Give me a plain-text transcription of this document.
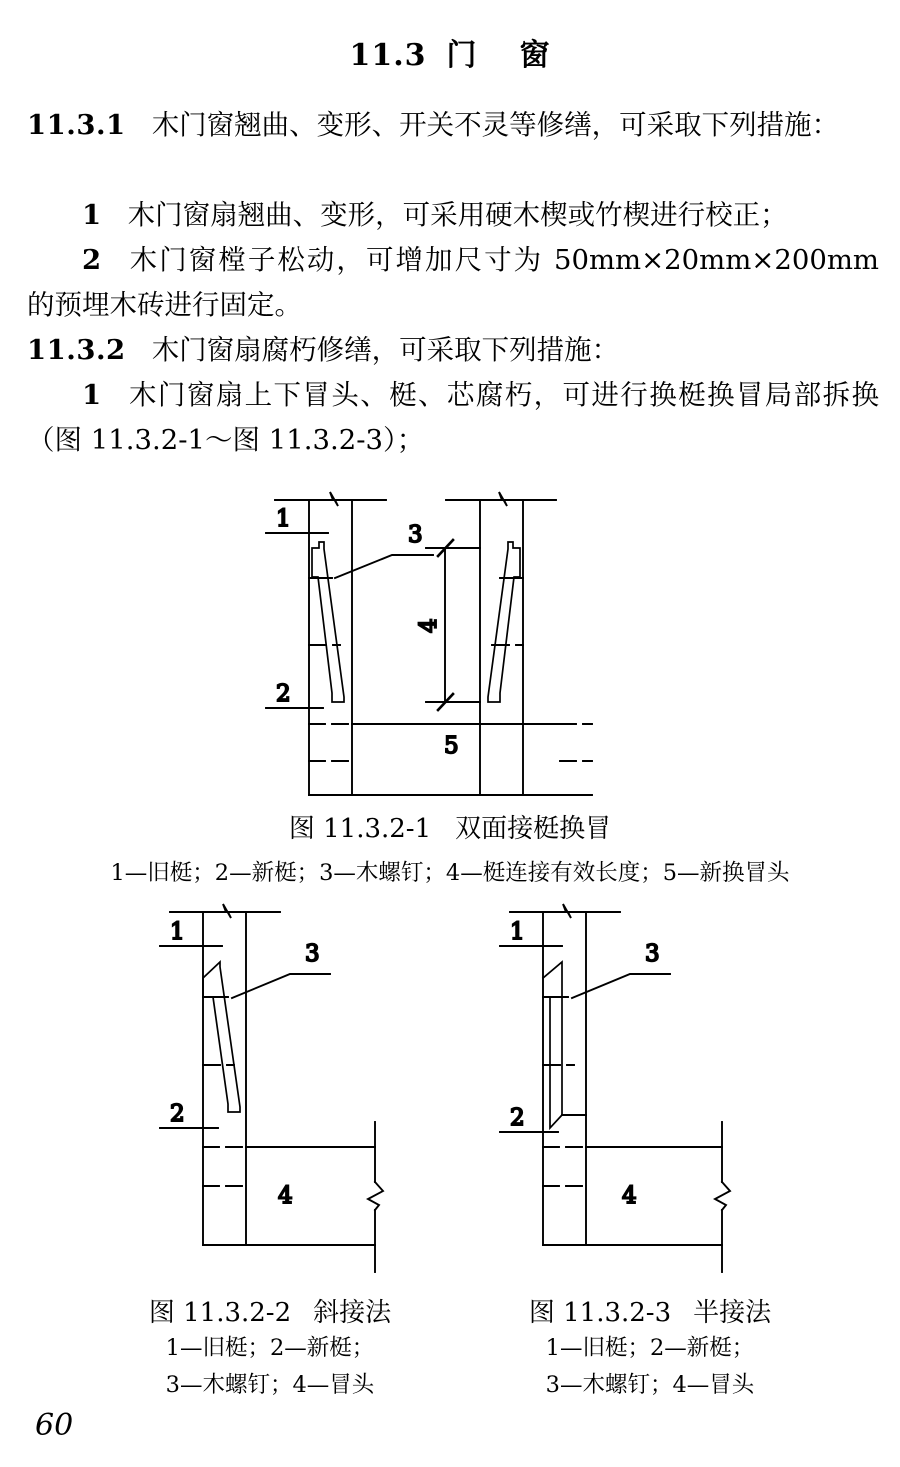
11.3 门 窗
11.3.1 木门窗翘曲、变形、开关不灵等修缮，可采取下列措施：
1 木门窗扇翘曲、变形，可采用硬木楔或竹楔进行校正；
2 木门窗樘子松动，可增加尺寸为 50mm×20mm×200mm 的预埋木砖进行固定。
11.3.2 木门窗扇腐朽修缮，可采取下列措施：
1 木门窗扇上下冒头、梃、芯腐朽，可进行换梃换冒局部拆换（图 11.3.2-1～图 11.3.2-3）；
1
3
2
5
4
图 11.3.2-1 双面接梃换冒
1—旧梃；2—新梃；3—木螺钉；4—梃连接有效长度；5—新换冒头
1
2
3
4
1
2
3
4
图 11.3.2-2 斜接法
1—旧梃；2—新梃；
3—木螺钉；4—冒头
图 11.3.2-3 半接法
1—旧梃；2—新梃；
3—木螺钉；4—冒头
60
